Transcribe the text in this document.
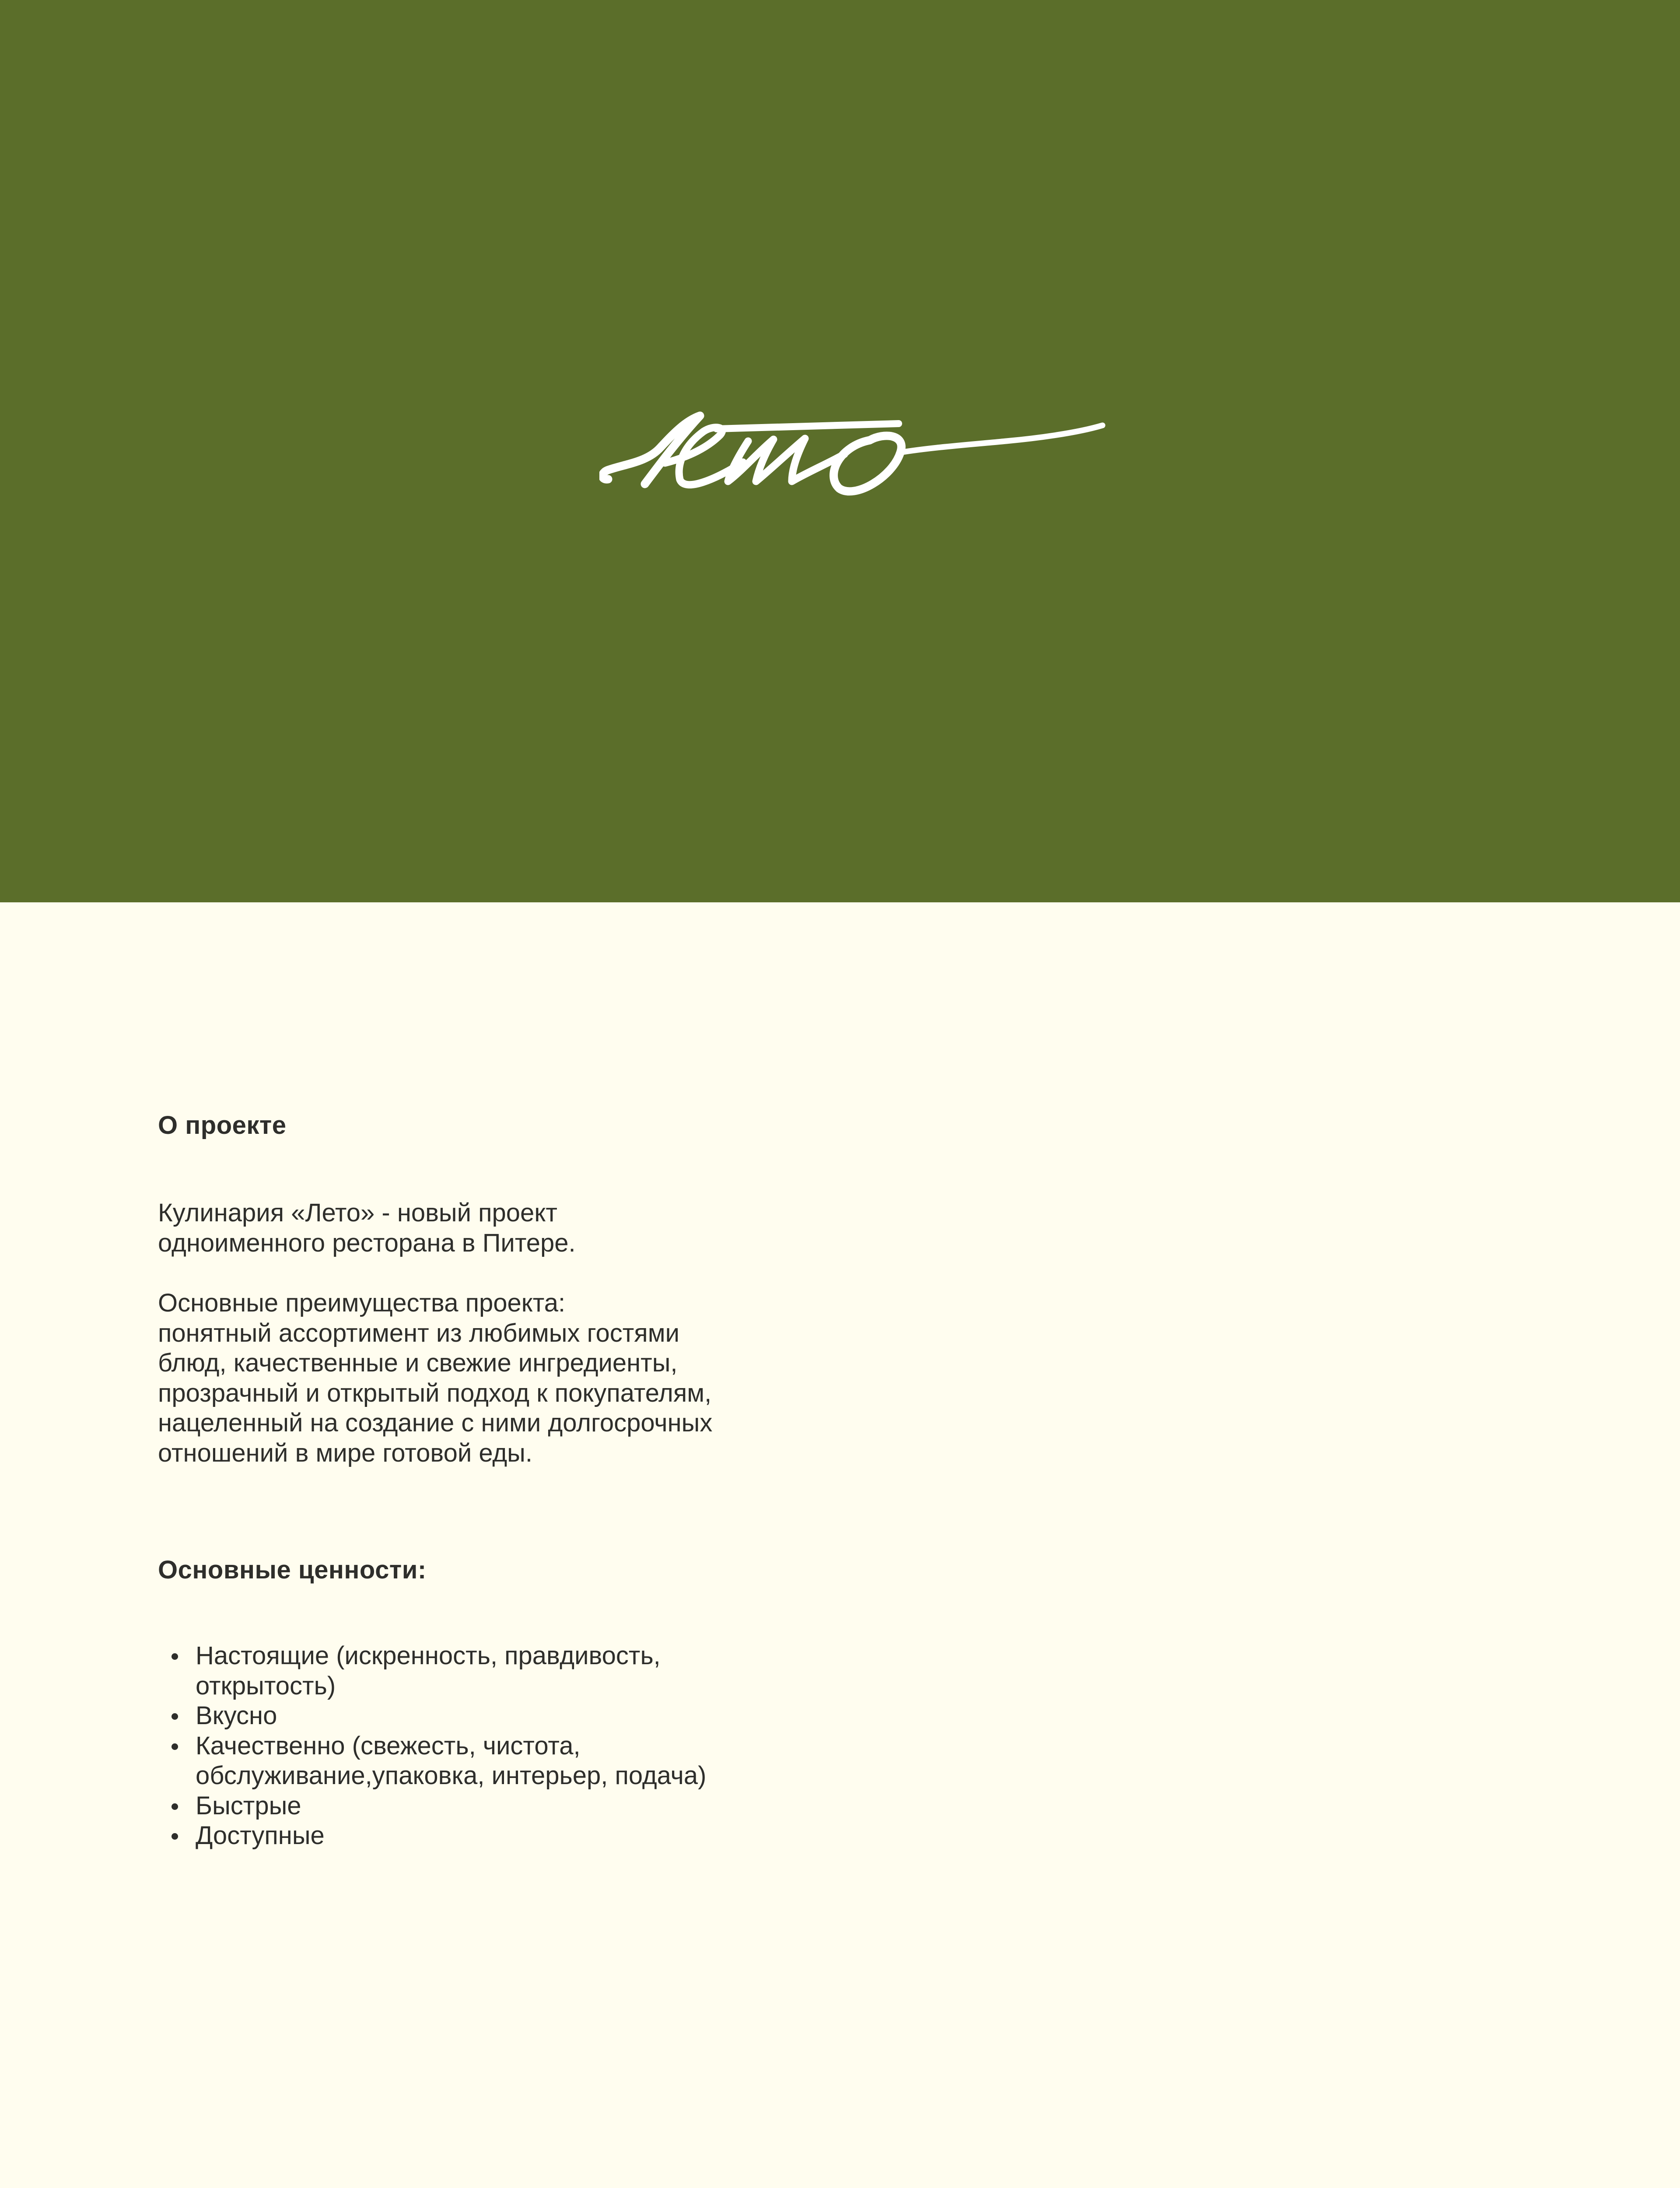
О проекте

Кулинария «Лето» - новый проект
одноименного ресторана в Питере.

Основные преимущества проекта:
понятный ассортимент из любимых гостями
блюд, качественные и свежие ингредиенты,
прозрачный и открытый подход к покупателям,
нацеленный на создание с ними долгосрочных
отношений в мире готовой еды.

Основные ценности:
Настоящие (искренность, правдивость,
открытость)
Вкусно
Качественно (свежесть, чистота,
обслуживание,упаковка, интерьер, подача)
Быстрые
Доступные
